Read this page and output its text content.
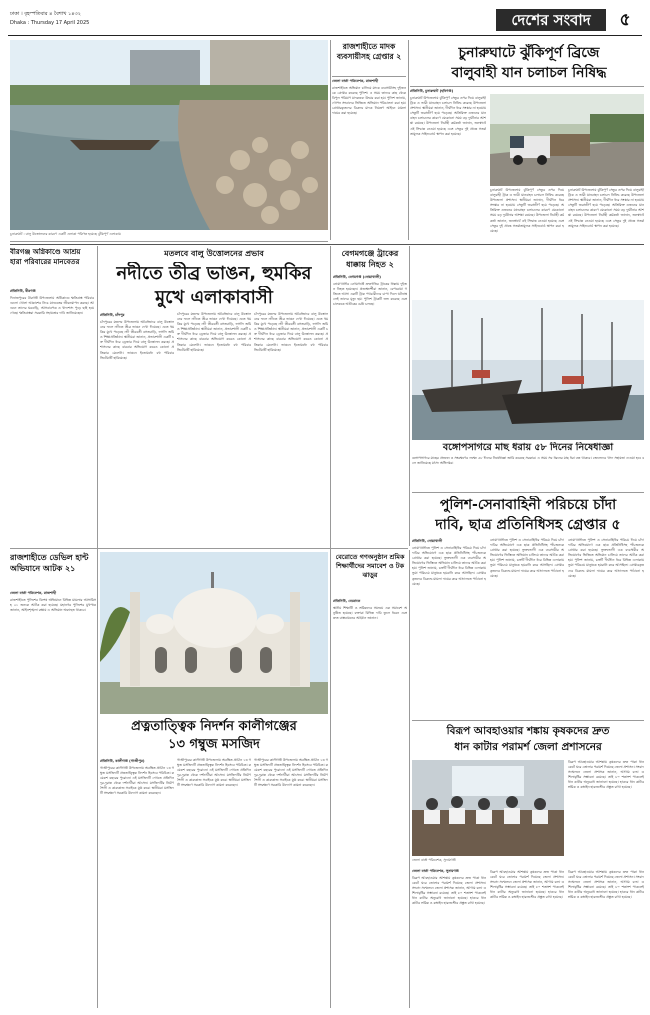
ঢাকা । বৃহস্পতিবার ৪ বৈশাখ ১৪৩২
Dhaka : Thursday 17 April 2025	দেশের সংবাদ	৫
চুনারুঘাট : বালু উত্তোলনের কারণে একটি এলাকা পরিণত হয়েছে ঝুঁকিপূর্ণ এলাকায়
রাজশাহীতে মাদক ব্যবসায়ীসহ গ্রেপ্তার ২
জেলা বার্তা পরিবেশক, রাজশাহী
রাজশাহীতে অভিযান চালিয়ে মাদক ব্যবসায়ীসহ দুইজনকে গ্রেপ্তার করেছে পুলিশ। এ সময় তাদের কাছ থেকে বিপুল পরিমাণ মাদকদ্রব্য উদ্ধার করা হয়। পুলিশ জানায়, গোপন সংবাদের ভিত্তিতে অভিযান পরিচালনা করা হয়। গ্রেপ্তারকৃতদের বিরুদ্ধে মাদক নিয়ন্ত্রণ আইনে মামলা দায়ের করা হয়েছে।
চুনারুঘাটে ঝুঁকিপূর্ণ ব্রিজে
বালুবাহী যান চলাচল নিষিদ্ধ
প্রতিনিধি, চুনারুঘাট (হবিগঞ্জ)
চুনারুঘাট উপজেলায় ঝুঁকিপূর্ণ সেতুর ওপর দিয়ে বালুবাহী ট্রাক ও ভারী যানবাহন চলাচল নিষিদ্ধ করেছে উপজেলা প্রশাসন। স্থানীয়রা জানান, দীর্ঘদিন ধরে সংস্কার না হওয়ায় সেতুটি জরাজীর্ণ হয়ে পড়েছে। অতিরিক্ত ওজনের যানবাহন চলাচলের কারণে যেকোনো সময় বড় দুর্ঘটনার আশঙ্কা রয়েছে। উপজেলা নির্বাহী কর্মকর্তা জানান, জনস্বার্থে এই সিদ্ধান্ত নেওয়া হয়েছে এবং সেতুর দুই প্রান্তে সতর্কতামূলক সাইনবোর্ড স্থাপন করা হয়েছে।
চুনারুঘাট উপজেলায় ঝুঁকিপূর্ণ সেতুর ওপর দিয়ে বালুবাহী ট্রাক ও ভারী যানবাহন চলাচল নিষিদ্ধ করেছে উপজেলা প্রশাসন। স্থানীয়রা জানান, দীর্ঘদিন ধরে সংস্কার না হওয়ায় সেতুটি জরাজীর্ণ হয়ে পড়েছে। অতিরিক্ত ওজনের যানবাহন চলাচলের কারণে যেকোনো সময় বড় দুর্ঘটনার আশঙ্কা রয়েছে। উপজেলা নির্বাহী কর্মকর্তা জানান, জনস্বার্থে এই সিদ্ধান্ত নেওয়া হয়েছে এবং সেতুর দুই প্রান্তে সতর্কতামূলক সাইনবোর্ড স্থাপন করা হয়েছে।
চুনারুঘাট উপজেলায় ঝুঁকিপূর্ণ সেতুর ওপর দিয়ে বালুবাহী ট্রাক ও ভারী যানবাহন চলাচল নিষিদ্ধ করেছে উপজেলা প্রশাসন। স্থানীয়রা জানান, দীর্ঘদিন ধরে সংস্কার না হওয়ায় সেতুটি জরাজীর্ণ হয়ে পড়েছে। অতিরিক্ত ওজনের যানবাহন চলাচলের কারণে যেকোনো সময় বড় দুর্ঘটনার আশঙ্কা রয়েছে। উপজেলা নির্বাহী কর্মকর্তা জানান, জনস্বার্থে এই সিদ্ধান্ত নেওয়া হয়েছে এবং সেতুর দুই প্রান্তে সতর্কতামূলক সাইনবোর্ড স্থাপন করা হয়েছে।
বীরগঞ্জ অগ্নিকাণ্ডে আশ্রয় হারা পরিবারের মানবেতর
প্রতিনিধি, বীরগঞ্জ
দিনাজপুরের বীরগঞ্জ উপজেলায় অগ্নিকাণ্ডে ক্ষতিগ্রস্ত পরিবারগুলো খোলা আকাশের নিচে মানবেতর জীবনযাপন করছে। আগুনে তাদের ঘরবাড়ি, আসবাবপত্র ও খাদ্যশস্য পুড়ে ছাই হয়ে গেছে। ক্ষতিগ্রস্তরা সরকারি সহায়তার দাবি জানিয়েছেন।
মতলবে বালু উত্তোলনের প্রভাব
নদীতে তীব্র ভাঙন, হুমকির
মুখে এলাকাবাসী
প্রতিনিধি, চাঁদপুর
চাঁদপুরের মতলব উপজেলায় অবৈধভাবে বালু উত্তোলনের ফলে নদীতে তীব্র ভাঙন দেখা দিয়েছে। এতে হুমকির মুখে পড়েছে নদী তীরবর্তী বসতবাড়ি, ফসলি জমি ও শিক্ষাপ্রতিষ্ঠান। স্থানীয়রা জানান, প্রভাবশালী একটি চক্র দীর্ঘদিন ধরে ড্রেজার দিয়ে বালু উত্তোলন করছে। প্রশাসনের কাছে বারবার অভিযোগ করেও কোনো প্রতিকার মেলেনি। ভাঙনে ইতোমধ্যে বহু পরিবার ভিটেমাটি হারিয়েছে।
চাঁদপুরের মতলব উপজেলায় অবৈধভাবে বালু উত্তোলনের ফলে নদীতে তীব্র ভাঙন দেখা দিয়েছে। এতে হুমকির মুখে পড়েছে নদী তীরবর্তী বসতবাড়ি, ফসলি জমি ও শিক্ষাপ্রতিষ্ঠান। স্থানীয়রা জানান, প্রভাবশালী একটি চক্র দীর্ঘদিন ধরে ড্রেজার দিয়ে বালু উত্তোলন করছে। প্রশাসনের কাছে বারবার অভিযোগ করেও কোনো প্রতিকার মেলেনি। ভাঙনে ইতোমধ্যে বহু পরিবার ভিটেমাটি হারিয়েছে।
চাঁদপুরের মতলব উপজেলায় অবৈধভাবে বালু উত্তোলনের ফলে নদীতে তীব্র ভাঙন দেখা দিয়েছে। এতে হুমকির মুখে পড়েছে নদী তীরবর্তী বসতবাড়ি, ফসলি জমি ও শিক্ষাপ্রতিষ্ঠান। স্থানীয়রা জানান, প্রভাবশালী একটি চক্র দীর্ঘদিন ধরে ড্রেজার দিয়ে বালু উত্তোলন করছে। প্রশাসনের কাছে বারবার অভিযোগ করেও কোনো প্রতিকার মেলেনি। ভাঙনে ইতোমধ্যে বহু পরিবার ভিটেমাটি হারিয়েছে।
বেগমগঞ্জে ট্রাকের ধাক্কায় নিহত ২
প্রতিনিধি, বেগমগঞ্জ (নোয়াখালী)
নোয়াখালীর বেগমগঞ্জে দ্রুতগতির ট্রাকের ধাক্কায় দুইজন নিহত হয়েছেন। প্রত্যক্ষদর্শীরা জানান, বেপরোয়া গতিতে আসা একটি ট্রাক পথচারীদের চাপা দিলে ঘটনাস্থলেই তাদের মৃত্যু হয়। পুলিশ ট্রাকটি জব্দ করেছে এবং চালককে আটকের চেষ্টা চলছে।
বঙ্গোপসাগরে মাছ ধরায় ৫৮ দিনের নিষেধাজ্ঞা
বঙ্গোপসাগরে মাছের প্রজনন ও সংরক্ষণের লক্ষ্যে ৫৮ দিনের নিষেধাজ্ঞা জারি করেছে সরকার। এ সময় সব ধরনের মাছ ধরা বন্ধ থাকবে। জেলেদের খাদ্য সহায়তা দেওয়া হবে বলে জানিয়েছে মৎস্য অধিদপ্তর।
পুলিশ-সেনাবাহিনী পরিচয়ে চাঁদা
দাবি, ছাত্র প্রতিনিধিসহ গ্রেপ্তার ৫
প্রতিনিধি, নোয়াখালী
নোয়াখালীতে পুলিশ ও সেনাবাহিনীর পরিচয় দিয়ে চাঁদা দাবির অভিযোগে এক ছাত্র প্রতিনিধিসহ পাঁচজনকে গ্রেপ্তার করা হয়েছে। ভুক্তভোগী এক ব্যবসায়ীর অভিযোগের ভিত্তিতে অভিযান চালিয়ে তাদের আটক করা হয়। পুলিশ জানায়, চক্রটি দীর্ঘদিন ধরে বিভিন্ন এলাকায় ভুয়া পরিচয়ে মানুষকে হয়রানি করে আসছিল। গ্রেপ্তারকৃতদের বিরুদ্ধে মামলা দায়ের করে আদালতে পাঠানো হয়েছে।
নোয়াখালীতে পুলিশ ও সেনাবাহিনীর পরিচয় দিয়ে চাঁদা দাবির অভিযোগে এক ছাত্র প্রতিনিধিসহ পাঁচজনকে গ্রেপ্তার করা হয়েছে। ভুক্তভোগী এক ব্যবসায়ীর অভিযোগের ভিত্তিতে অভিযান চালিয়ে তাদের আটক করা হয়। পুলিশ জানায়, চক্রটি দীর্ঘদিন ধরে বিভিন্ন এলাকায় ভুয়া পরিচয়ে মানুষকে হয়রানি করে আসছিল। গ্রেপ্তারকৃতদের বিরুদ্ধে মামলা দায়ের করে আদালতে পাঠানো হয়েছে।
নোয়াখালীতে পুলিশ ও সেনাবাহিনীর পরিচয় দিয়ে চাঁদা দাবির অভিযোগে এক ছাত্র প্রতিনিধিসহ পাঁচজনকে গ্রেপ্তার করা হয়েছে। ভুক্তভোগী এক ব্যবসায়ীর অভিযোগের ভিত্তিতে অভিযান চালিয়ে তাদের আটক করা হয়। পুলিশ জানায়, চক্রটি দীর্ঘদিন ধরে বিভিন্ন এলাকায় ভুয়া পরিচয়ে মানুষকে হয়রানি করে আসছিল। গ্রেপ্তারকৃতদের বিরুদ্ধে মামলা দায়ের করে আদালতে পাঠানো হয়েছে।
রাজশাহীতে ডেভিল হান্ট অভিযানে আটক ২১
জেলা বার্তা পরিবেশক, রাজশাহী
রাজশাহীতে পুলিশের বিশেষ অভিযানে বিভিন্ন মামলার আসামিসহ ২১ জনকে আটক করা হয়েছে। মহানগর পুলিশের মুখপাত্র জানান, আইনশৃঙ্খলা রক্ষায় এ অভিযান অব্যাহত থাকবে।
বেরোতে গণঅনুষ্ঠান শ্রমিক শিক্ষার্থীদের সমাবেশ ও টক ঝাড়ুর
প্রতিনিধি, বেরোতে
স্থানীয় শিক্ষার্থী ও শ্রমিকদের সমন্বয়ে এক সমাবেশ অনুষ্ঠিত হয়েছে। বক্তারা বিভিন্ন দাবি তুলে ধরেন এবং দ্রুত বাস্তবায়নের আহ্বান জানান।
প্রত্নতাত্ত্বিক নিদর্শন কালীগঞ্জের
১৩ গম্বুজ মসজিদ
প্রতিনিধি, কালীগঞ্জ (গাজীপুর)
গাজীপুরের কালীগঞ্জ উপজেলায় অবস্থিত প্রাচীন ১৩ গম্বুজ মসজিদটি প্রত্নতাত্ত্বিক নিদর্শন হিসেবে পরিচিত। কয়েকশ বছরের পুরোনো এই মসজিদটি দেখতে প্রতিদিন দূর-দূরান্ত থেকে দর্শনার্থীরা আসেন। মসজিদটির নির্মাণশৈলী ও কারুকাজ সবাইকে মুগ্ধ করে। স্থানীয়রা মসজিদটি সংরক্ষণে সরকারি উদ্যোগ কামনা করেছেন।
গাজীপুরের কালীগঞ্জ উপজেলায় অবস্থিত প্রাচীন ১৩ গম্বুজ মসজিদটি প্রত্নতাত্ত্বিক নিদর্শন হিসেবে পরিচিত। কয়েকশ বছরের পুরোনো এই মসজিদটি দেখতে প্রতিদিন দূর-দূরান্ত থেকে দর্শনার্থীরা আসেন। মসজিদটির নির্মাণশৈলী ও কারুকাজ সবাইকে মুগ্ধ করে। স্থানীয়রা মসজিদটি সংরক্ষণে সরকারি উদ্যোগ কামনা করেছেন।
গাজীপুরের কালীগঞ্জ উপজেলায় অবস্থিত প্রাচীন ১৩ গম্বুজ মসজিদটি প্রত্নতাত্ত্বিক নিদর্শন হিসেবে পরিচিত। কয়েকশ বছরের পুরোনো এই মসজিদটি দেখতে প্রতিদিন দূর-দূরান্ত থেকে দর্শনার্থীরা আসেন। মসজিদটির নির্মাণশৈলী ও কারুকাজ সবাইকে মুগ্ধ করে। স্থানীয়রা মসজিদটি সংরক্ষণে সরকারি উদ্যোগ কামনা করেছেন।
বিরূপ আবহাওয়ার শঙ্কায় কৃষকদের দ্রুত
ধান কাটার পরামর্শ জেলা প্রশাসনের
জেলা বার্তা পরিবেশক, সুনামগঞ্জ
বিরূপ আবহাওয়ার আশঙ্কায় কৃষকদের দ্রুত পাকা ধান কেটে ঘরে তোলার পরামর্শ দিয়েছে জেলা প্রশাসন। সংবাদ সম্মেলনে জেলা প্রশাসক জানান, আগাম বন্যা ও শিলাবৃষ্টির সম্ভাবনা রয়েছে। তাই ৮০ শতাংশ পাকলেই ধান কাটার অনুরোধ জানানো হয়েছে। হাওরে ধান কাটার শ্রমিক ও কম্বাইন হারভেস্টার প্রস্তুত রাখা হয়েছে।
জেলা বার্তা পরিবেশক, সুনামগঞ্জ
বিরূপ আবহাওয়ার আশঙ্কায় কৃষকদের দ্রুত পাকা ধান কেটে ঘরে তোলার পরামর্শ দিয়েছে জেলা প্রশাসন। সংবাদ সম্মেলনে জেলা প্রশাসক জানান, আগাম বন্যা ও শিলাবৃষ্টির সম্ভাবনা রয়েছে। তাই ৮০ শতাংশ পাকলেই ধান কাটার অনুরোধ জানানো হয়েছে। হাওরে ধান কাটার শ্রমিক ও কম্বাইন হারভেস্টার প্রস্তুত রাখা হয়েছে।
বিরূপ আবহাওয়ার আশঙ্কায় কৃষকদের দ্রুত পাকা ধান কেটে ঘরে তোলার পরামর্শ দিয়েছে জেলা প্রশাসন। সংবাদ সম্মেলনে জেলা প্রশাসক জানান, আগাম বন্যা ও শিলাবৃষ্টির সম্ভাবনা রয়েছে। তাই ৮০ শতাংশ পাকলেই ধান কাটার অনুরোধ জানানো হয়েছে। হাওরে ধান কাটার শ্রমিক ও কম্বাইন হারভেস্টার প্রস্তুত রাখা হয়েছে।
বিরূপ আবহাওয়ার আশঙ্কায় কৃষকদের দ্রুত পাকা ধান কেটে ঘরে তোলার পরামর্শ দিয়েছে জেলা প্রশাসন। সংবাদ সম্মেলনে জেলা প্রশাসক জানান, আগাম বন্যা ও শিলাবৃষ্টির সম্ভাবনা রয়েছে। তাই ৮০ শতাংশ পাকলেই ধান কাটার অনুরোধ জানানো হয়েছে। হাওরে ধান কাটার শ্রমিক ও কম্বাইন হারভেস্টার প্রস্তুত রাখা হয়েছে।
